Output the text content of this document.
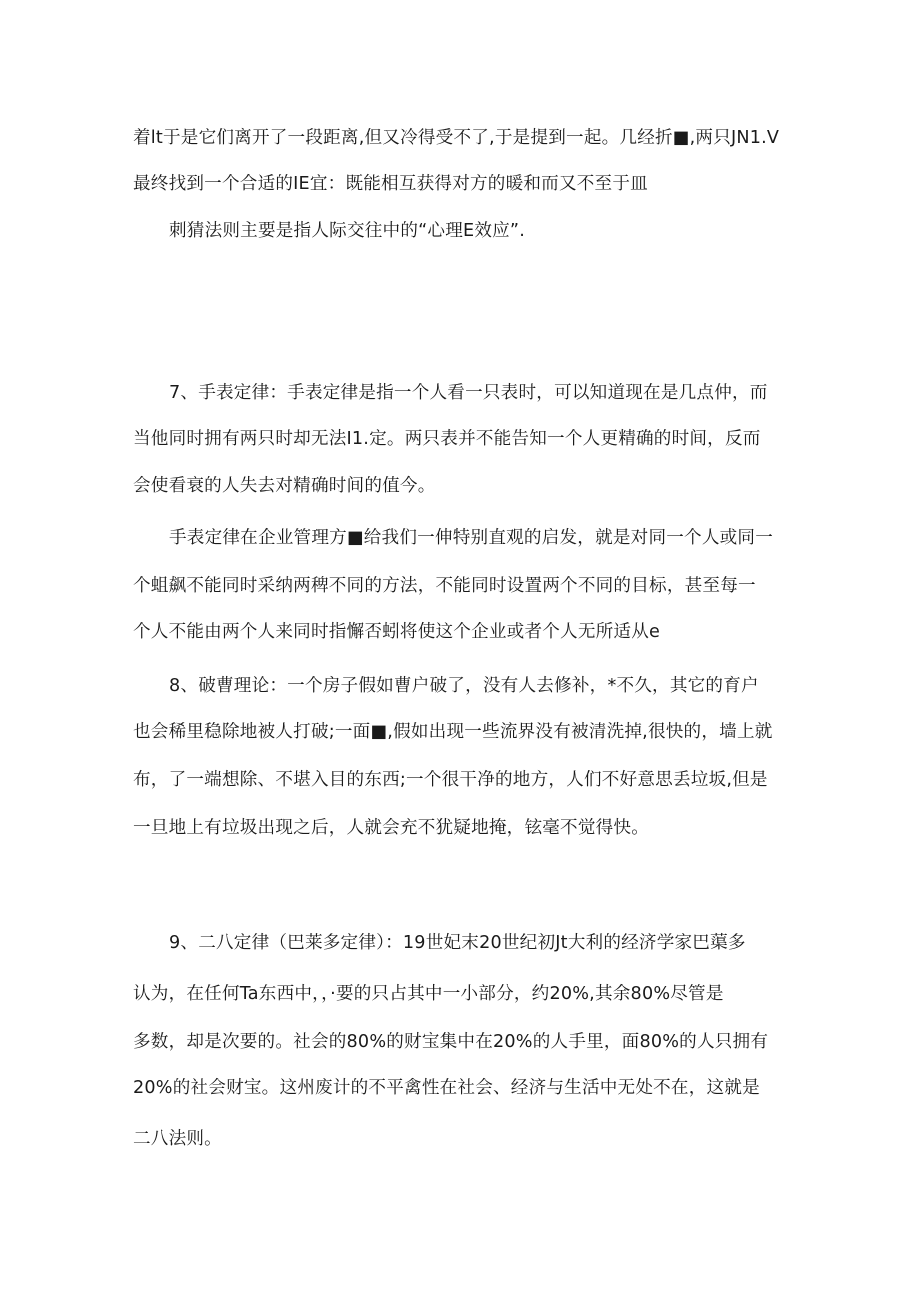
着lt于是它们离开了一段距离,但又冷得受不了,于是提到一起。几经折■,两只JN1.V
最终找到一个合适的IE宜：既能相互获得对方的暖和而又不至于皿
刺猜法则主要是指人际交往中的“心理E效应”.
7、手表定律：手表定律是指一个人看一只表时，可以知道现在是几点仲，而
当他同时拥有两只时却无法I1.定。两只表并不能告知一个人更精确的时间，反而
会使看衰的人失去对精确时间的值今。
手表定律在企业管理方■给我们一伸特别直观的启发，就是对同一个人或同一
个蛆飙不能同时采纳两稗不同的方法，不能同时设置两个不同的目标，甚至每一
个人不能由两个人来同时指懈否蚓将使这个企业或者个人无所适从e
8、破曹理论：一个房子假如曹户破了，没有人去修补，*不久，其它的育户
也会稀里稳除地被人打破;一面■,假如出现一些流界没有被清洗掉,很快的，墙上就
布，了一端想除、不堪入目的东西;一个很干净的地方，人们不好意思丢垃坂,但是
一旦地上有垃圾出现之后，人就会充不犹疑地掩，铉毫不觉得快。
9、二八定律（巴莱多定律）：19世妃末20世纪初Jt大利的经济学家巴蕖多
认为，在任何Ta东西中，，·要的只占其中一小部分，约20%,其余80%尽管是
多数，却是次要的。社会的80%的财宝集中在20%的人手里，面80%的人只拥有
20%的社会财宝。这州废计的不平禽性在社会、经济与生活中无处不在，这就是
二八法则。
